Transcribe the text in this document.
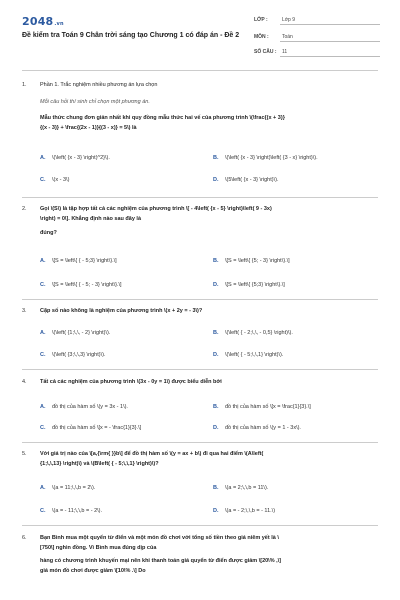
2048.vn
Đề kiểm tra Toán 9 Chân trời sáng tạo Chương 1 có đáp án - Đề 2
LỚP :	Lớp 9
MÔN :	Toán
SỐ CÂU : 11
1. Phần 1. Trắc nghiệm nhiều phương án lựa chọn
Mỗi câu hỏi thí sinh chỉ chọn một phương án.
Mẫu thức chung đơn giản nhất khi quy đồng mẫu thức hai vế của phương trình \(\frac{(x + 3)}
{(x - 3)} + \frac{(2x - 1)}{(3 - x)} = 5\) là
A. \(\left( {x - 3} \right)^2}\).	B. \(\left( {x - 3} \right)\left( {3 - x} \right)\).
C. \(x - 3\)	D. \(5\left( {x - 3} \right)\).
2. Gọi \(S\) là tập hợp tất cả các nghiệm của phương trình \[ - 4\left( {x - 5} \right)\left( 9 - 3x)
\right) = 0\]. Khẳng định nào sau đây là
đúng?
A. \[S = \left\{ { - 5;3} \right\}.\]	B. \[S = \left\{ {5; - 3} \right\}.\]
C. \[S = \left\{ { - 5; - 3} \right\}.\]	D. \[S = \left\{ {5;3} \right\}.\]
3. Cặp số nào không là nghiệm của phương trình \(x + 2y = - 3\)?
A. \(\left( {1;\,\, - 2} \right)\).	B. \(\left( { - 2;\,\, - 0,5} \right)\).
C. \(\left( {3;\,\,3} \right)\).	D. \(\left( { - 5;\,\,1} \right)\).
4. Tất cả các nghiệm của phương trình \(3x - 0y = 1\) được biểu diễn bởi
A. đồ thị của hàm số \(y = 3x - 1\).	B. đồ thị của hàm số \[x = \frac{1}{3}.\]
C. đồ thị của hàm số \[x = - \frac{1}{3}.\]	D. đồ thị của hàm số \(y = 1 - 3x\).
5. Với giá trị nào của \[a,{\rm{ }}b\] để đồ thị hàm số \(y = ax + b\) đi qua hai điểm \(A\left(
{1;\,\,13} \right)\) và \(B\left( { - 5;\,\,1} \right)\)?
A. \(a = 11;\,\,b = 2\).	B. \(a = 2;\,\,b = 11\).
C. \(a = - 11;\,\,b = - 2\).	D. \(a = - 2;\,\,b = - 11.\)
6. Bạn Bình mua một quyển từ điển và một món đồ chơi với tổng số tiền theo giá niêm yết là \
[750\] nghìn đồng. Vì Bình mua đúng dịp của
hàng có chương trình khuyến mại nên khi thanh toán giá quyển từ điển được giảm \[20\% ,\]
giá món đồ chơi được giảm \[10\% .\] Do
